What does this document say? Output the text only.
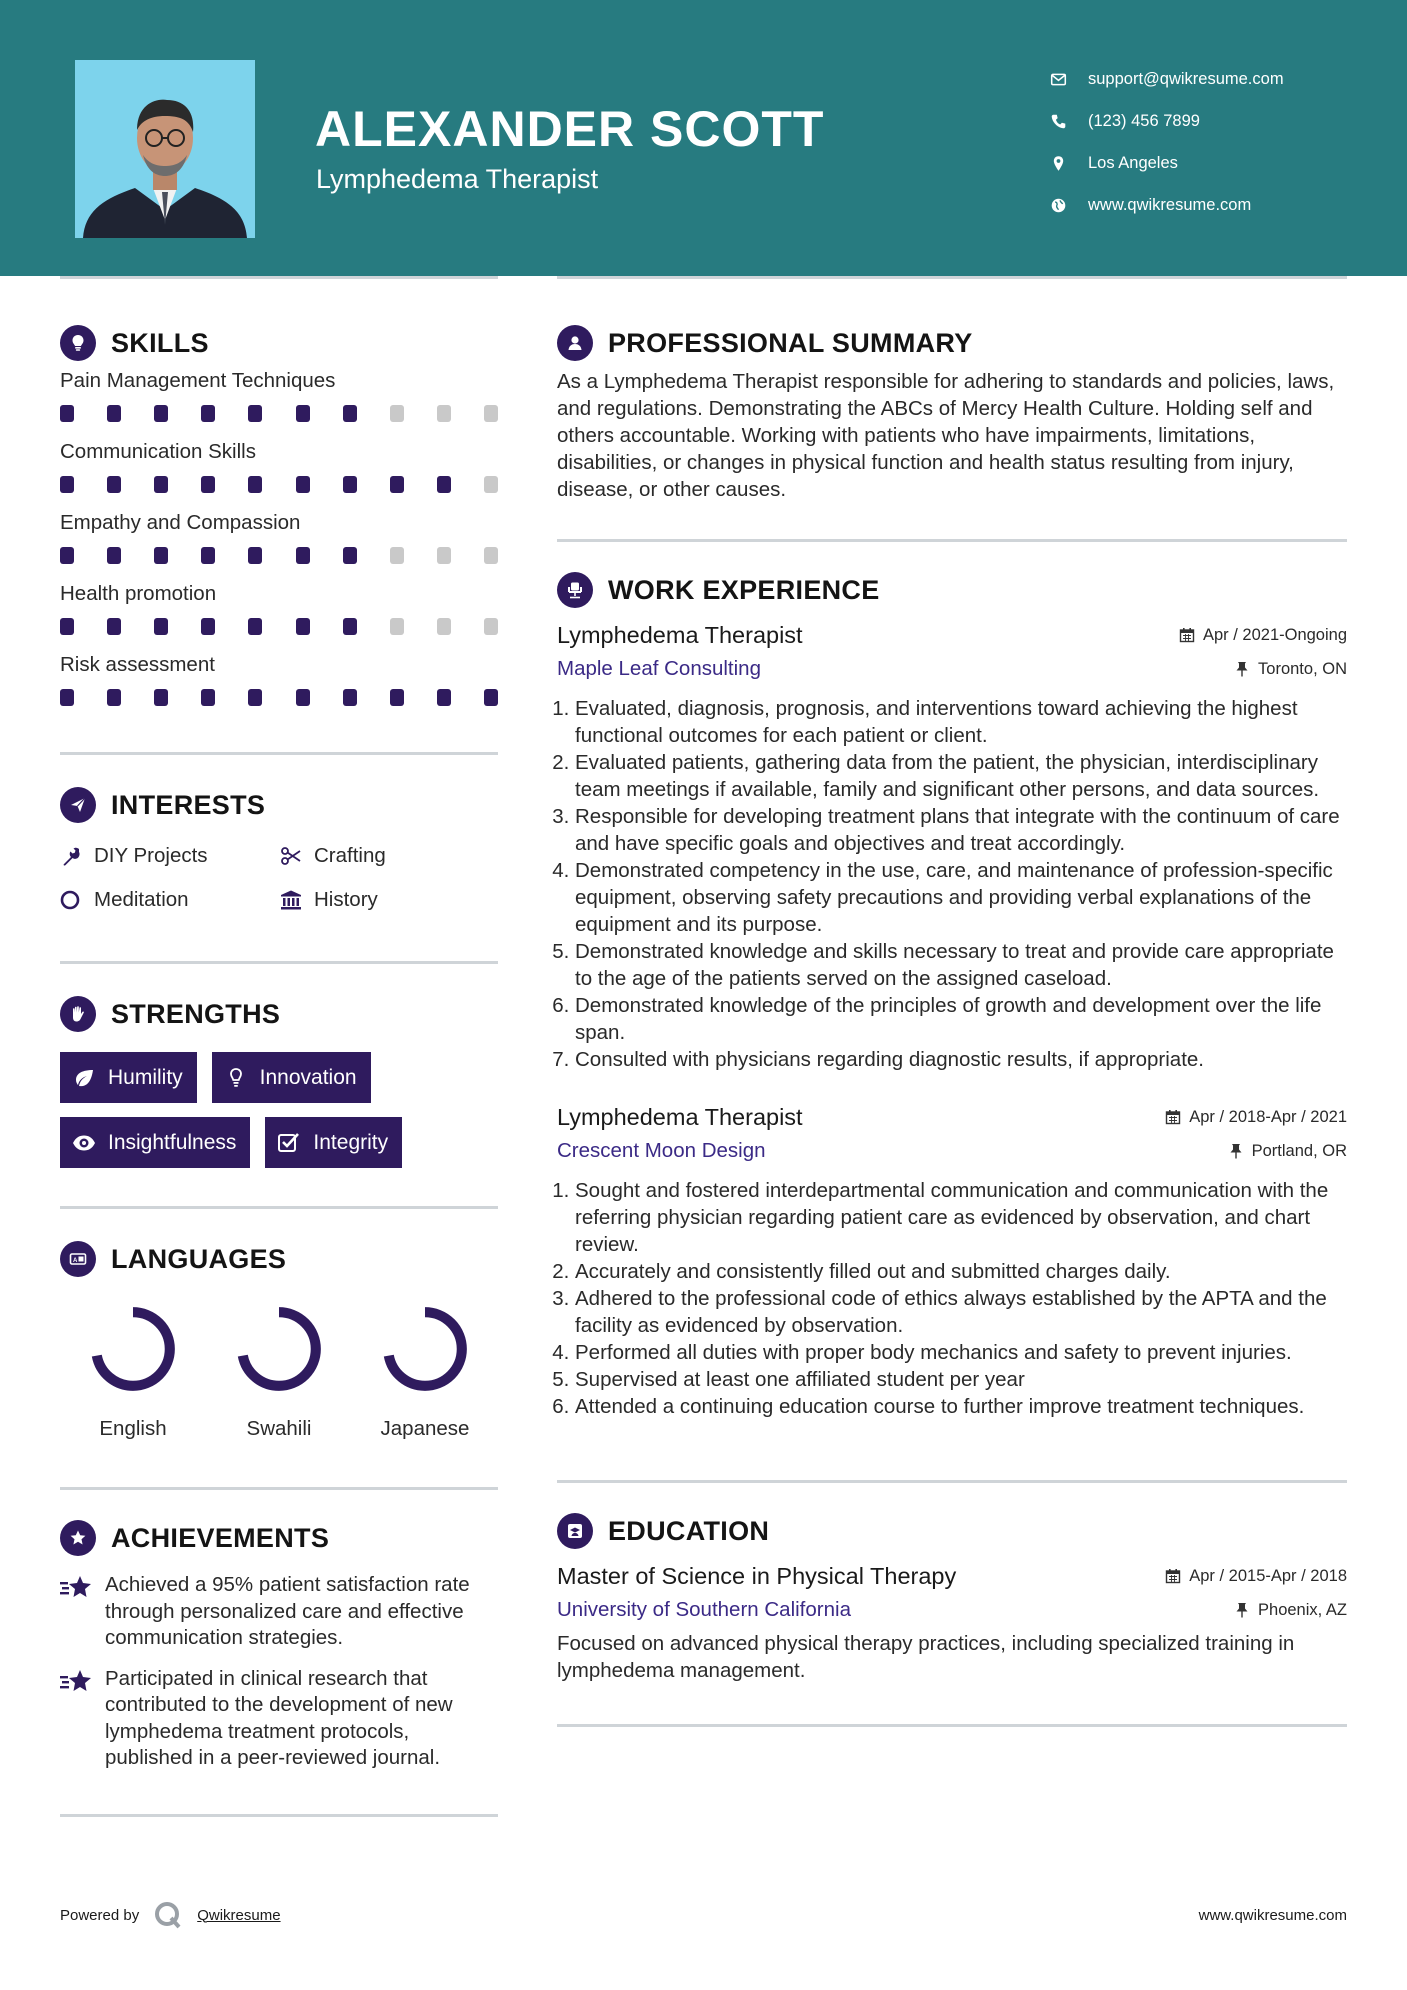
ALEXANDER SCOTT
Lymphedema Therapist
support@qwikresume.com
(123) 456 7899
Los Angeles
www.qwikresume.com
SKILLS
Pain Management Techniques
Communication Skills
Empathy and Compassion
Health promotion
Risk assessment
INTERESTS
DIY Projects	Crafting
Meditation	History
STRENGTHS
Humility	Innovation
Insightfulness	Integrity
A LANGUAGES
English	Swahili	Japanese
ACHIEVEMENTS
Achieved a 95% patient satisfaction rate through personalized care and effective communication strategies.
Participated in clinical research that contributed to the development of new lymphedema treatment protocols, published in a peer-reviewed journal.
PROFESSIONAL SUMMARY
As a Lymphedema Therapist responsible for adhering to standards and policies, laws, and regulations. Demonstrating the ABCs of Mercy Health Culture. Holding self and others accountable. Working with patients who have impairments, limitations, disabilities, or changes in physical function and health status resulting from injury, disease, or other causes.
WORK EXPERIENCE
Lymphedema Therapist	Apr / 2021-Ongoing
Maple Leaf Consulting	Toronto, ON
1. Evaluated, diagnosis, prognosis, and interventions toward achieving the highest functional outcomes for each patient or client.
2. Evaluated patients, gathering data from the patient, the physician, interdisciplinary team meetings if available, family and significant other persons, and data sources.
3. Responsible for developing treatment plans that integrate with the continuum of care and have specific goals and objectives and treat accordingly.
4. Demonstrated competency in the use, care, and maintenance of profession-specific equipment, observing safety precautions and providing verbal explanations of the equipment and its purpose.
5. Demonstrated knowledge and skills necessary to treat and provide care appropriate to the age of the patients served on the assigned caseload.
6. Demonstrated knowledge of the principles of growth and development over the life span.
7. Consulted with physicians regarding diagnostic results, if appropriate.
Lymphedema Therapist	Apr / 2018-Apr / 2021
Crescent Moon Design	Portland, OR
1. Sought and fostered interdepartmental communication and communication with the referring physician regarding patient care as evidenced by observation, and chart review.
2. Accurately and consistently filled out and submitted charges daily.
3. Adhered to the professional code of ethics always established by the APTA and the facility as evidenced by observation.
4. Performed all duties with proper body mechanics and safety to prevent injuries.
5. Supervised at least one affiliated student per year
6. Attended a continuing education course to further improve treatment techniques.
EDUCATION
Master of Science in Physical Therapy	Apr / 2015-Apr / 2018
University of Southern California	Phoenix, AZ
Focused on advanced physical therapy practices, including specialized training in lymphedema management.
Powered by	Qwikresume	www.qwikresume.com
